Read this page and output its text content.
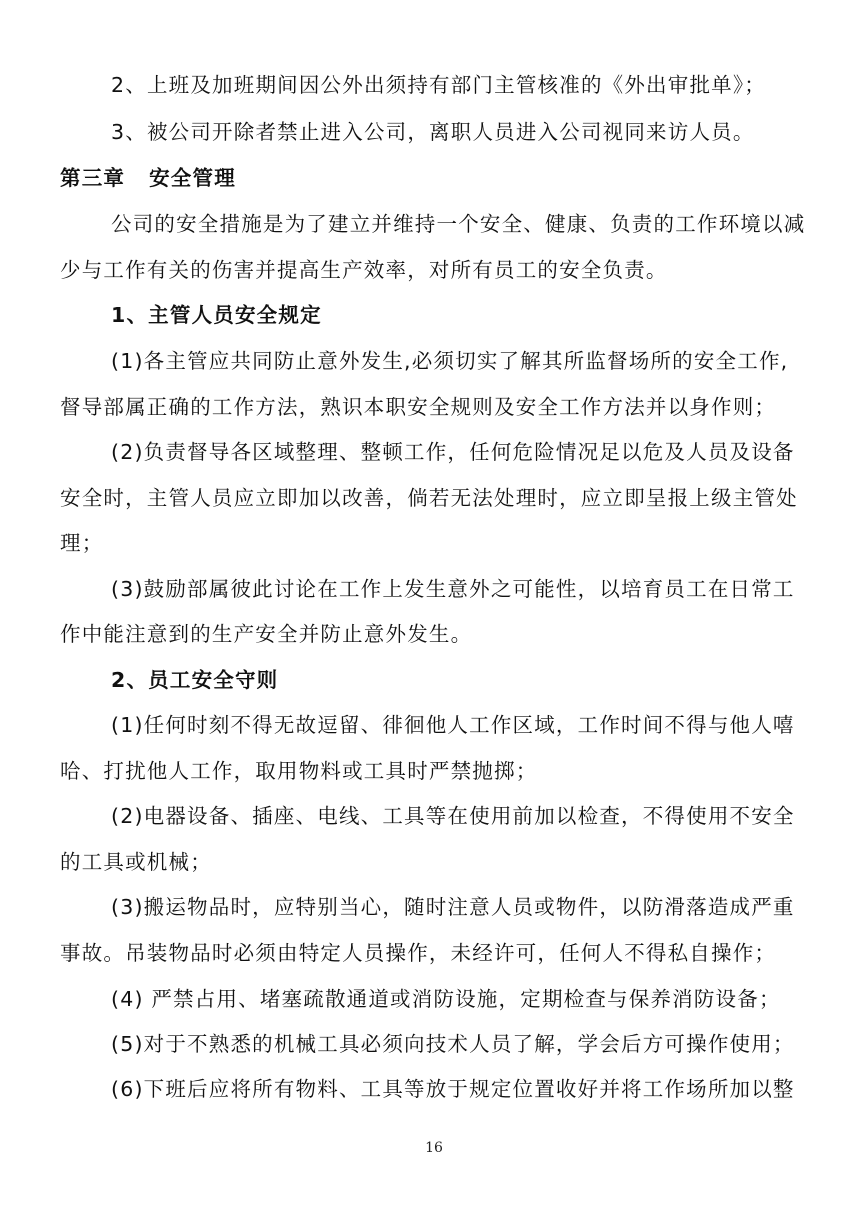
2、上班及加班期间因公外出须持有部门主管核准的《外出审批单》；
3、被公司开除者禁止进入公司，离职人员进入公司视同来访人员。
第三章 安全管理
公司的安全措施是为了建立并维持一个安全、健康、负责的工作环境以减
少与工作有关的伤害并提高生产效率，对所有员工的安全负责。
1、主管人员安全规定
(1)各主管应共同防止意外发生,必须切实了解其所监督场所的安全工作,
督导部属正确的工作方法，熟识本职安全规则及安全工作方法并以身作则；
(2)负责督导各区域整理、整顿工作，任何危险情况足以危及人员及设备
安全时，主管人员应立即加以改善，倘若无法处理时，应立即呈报上级主管处
理；
(3)鼓励部属彼此讨论在工作上发生意外之可能性，以培育员工在日常工
作中能注意到的生产安全并防止意外发生。
2、员工安全守则
(1)任何时刻不得无故逗留、徘徊他人工作区域，工作时间不得与他人嘻
哈、打扰他人工作，取用物料或工具时严禁抛掷；
(2)电器设备、插座、电线、工具等在使用前加以检查，不得使用不安全
的工具或机械；
(3)搬运物品时，应特别当心，随时注意人员或物件，以防滑落造成严重
事故。吊装物品时必须由特定人员操作，未经许可，任何人不得私自操作；
(4) 严禁占用、堵塞疏散通道或消防设施，定期检查与保养消防设备；
(5)对于不熟悉的机械工具必须向技术人员了解，学会后方可操作使用；
(6)下班后应将所有物料、工具等放于规定位置收好并将工作场所加以整
16
